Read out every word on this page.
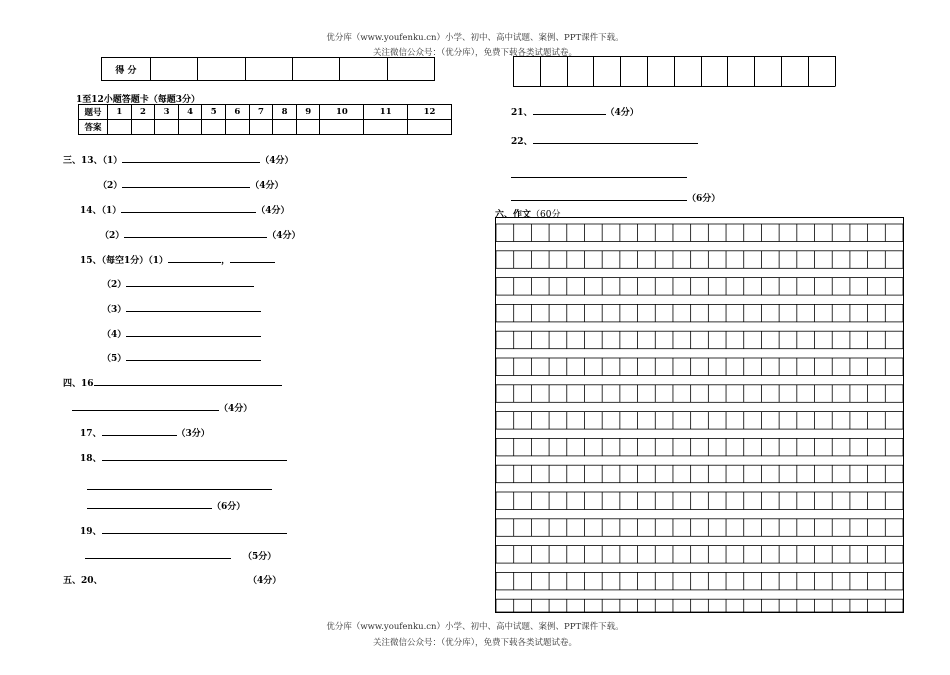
优分库（www.youfenku.cn）小学、初中、高中试题、案例、PPT课件下载。
关注微信公众号：（优分库），免费下载各类试题试卷。
得 分						
1至12小题答题卡（每题3分）
题号	1	2	3	4	5	6	7	8	9	10	11	12
答案												
三、13、（1）	（4分）
（2）	（4分）
14、（1）	（4分）
（2）	（4分）
15、（每空1分）（1）	，
（2）
（3）
（4）
（5）
四、16
（4分）
17、	（3分）
18、
（6分）
19、
（5分）
五、20、	（4分）
21、	（4分）
22、
（6分）
六、作文（60分
优分库（www.youfenku.cn）小学、初中、高中试题、案例、PPT课件下载。
关注微信公众号：（优分库），免费下载各类试题试卷。
